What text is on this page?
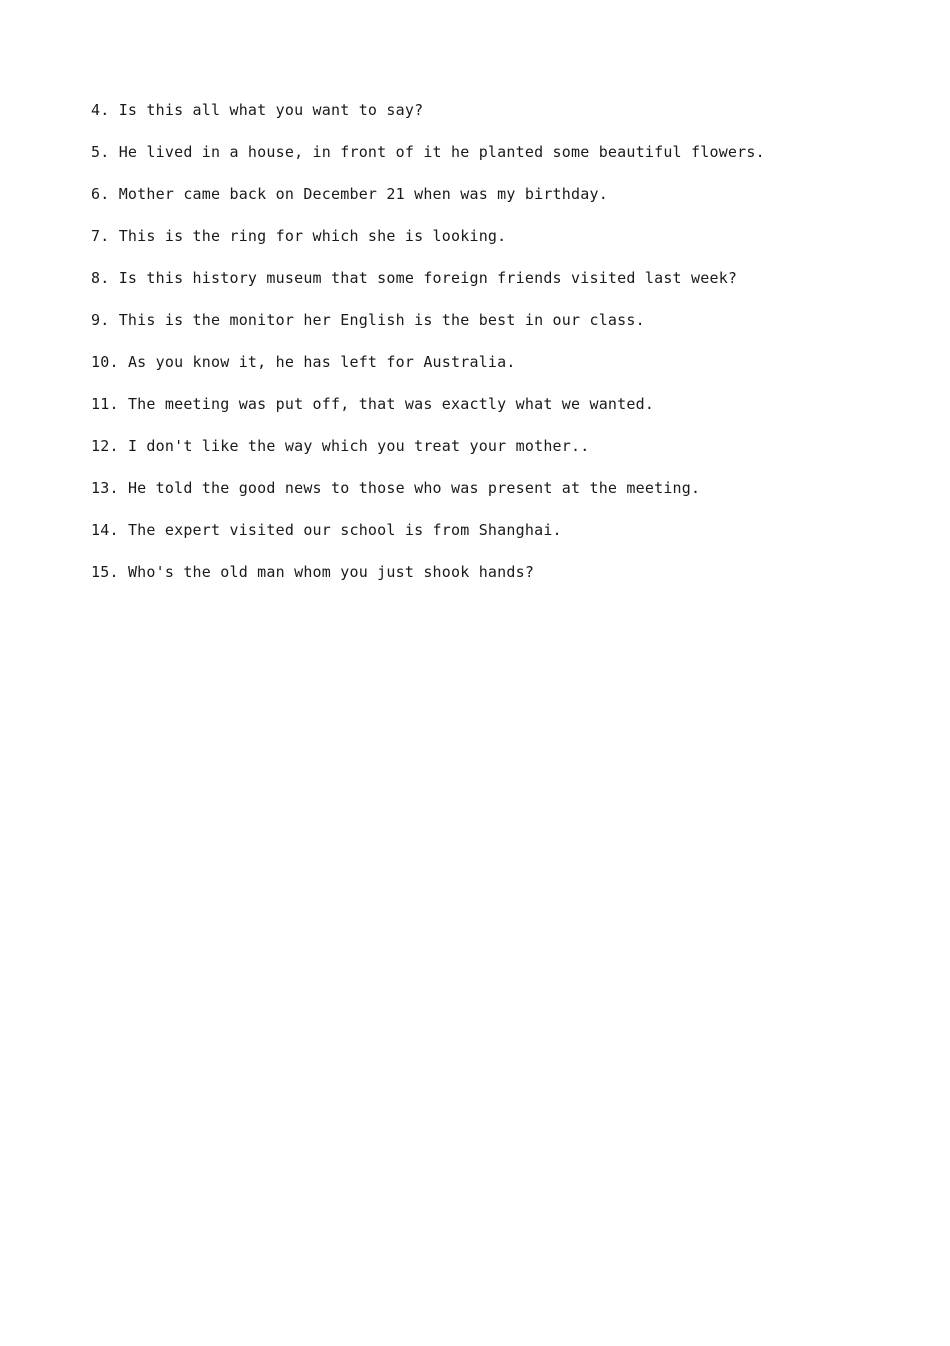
4. Is this all what you want to say?
5. He lived in a house, in front of it he planted some beautiful flowers.
6. Mother came back on December 21 when was my birthday.
7. This is the ring for which she is looking.
8. Is this history museum that some foreign friends visited last week?
9. This is the monitor her English is the best in our class.
10. As you know it, he has left for Australia.
11. The meeting was put off, that was exactly what we wanted.
12. I don't like the way which you treat your mother..
13. He told the good news to those who was present at the meeting.
14. The expert visited our school is from Shanghai.
15. Who's the old man whom you just shook hands?
